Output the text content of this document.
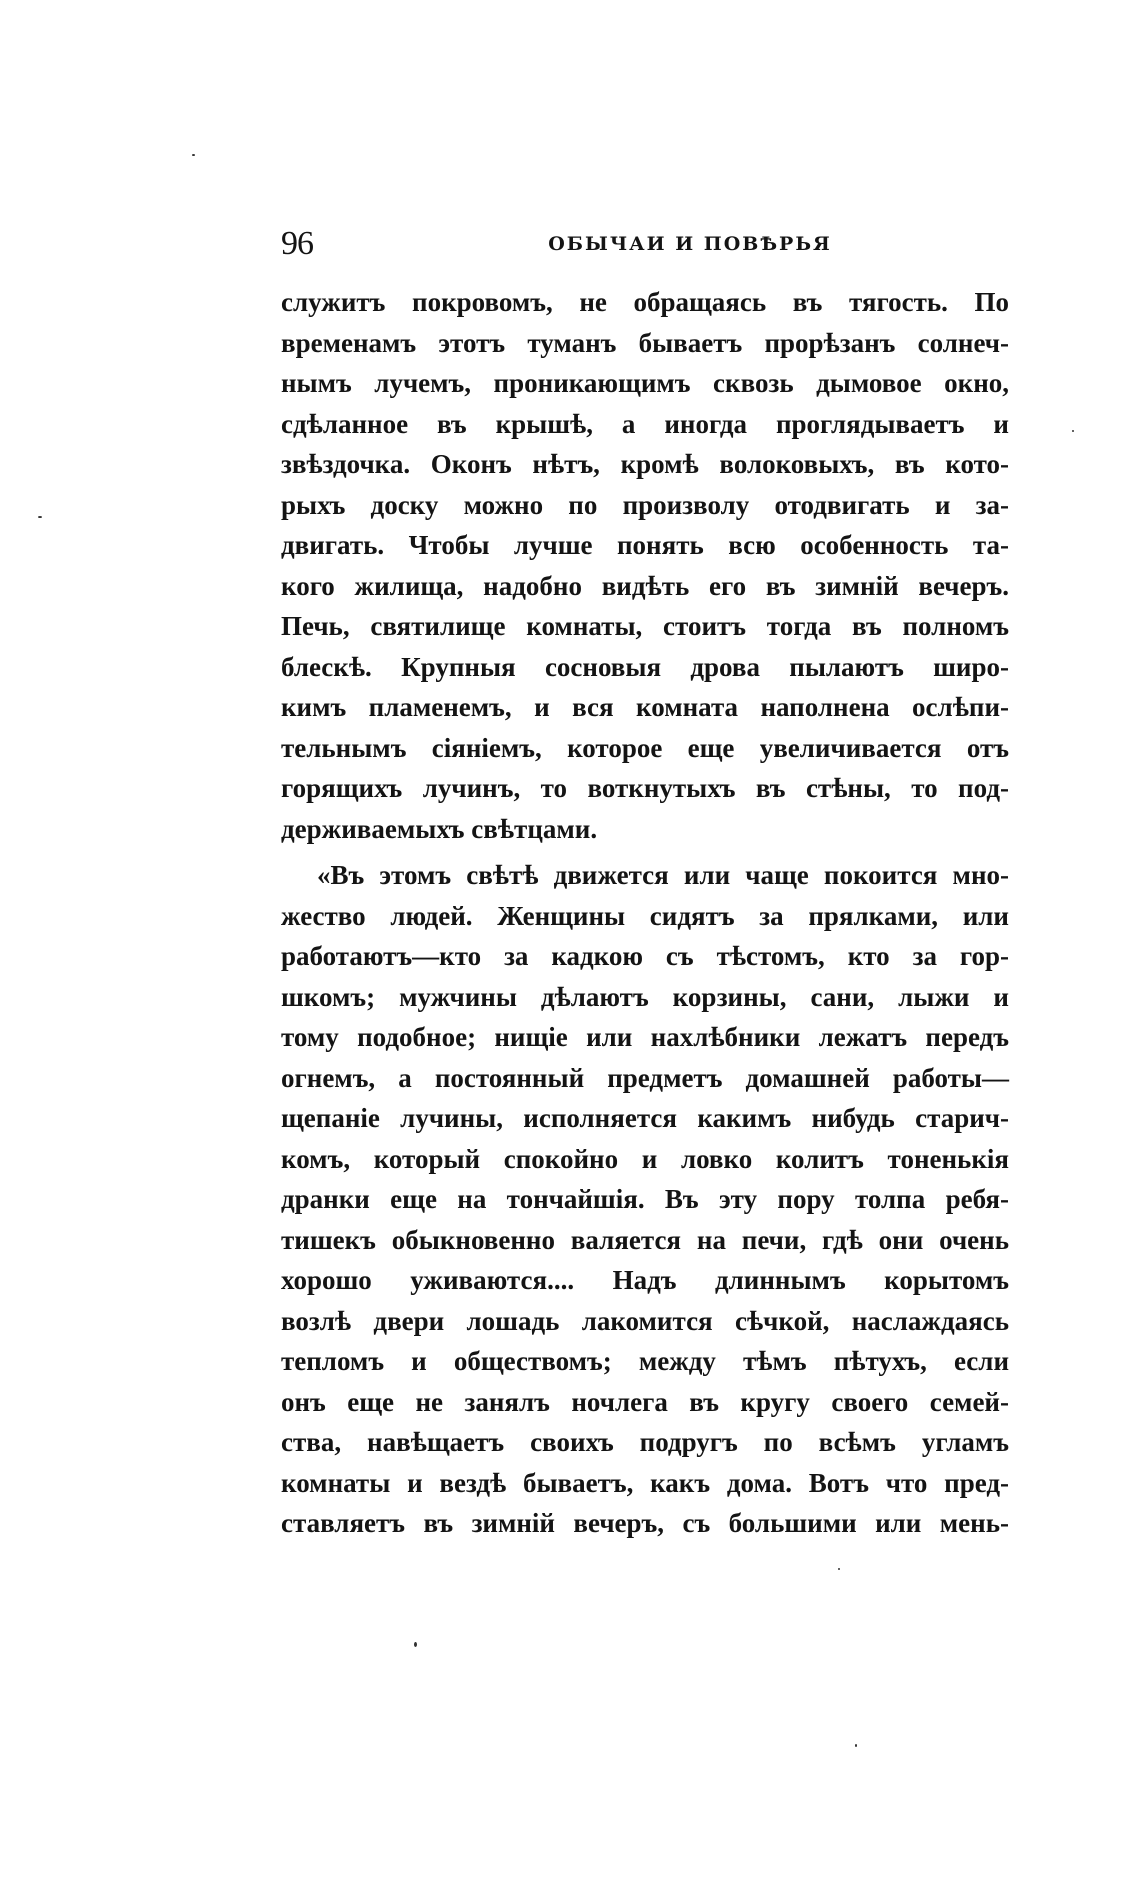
96	ОБЫЧАИ И ПОВѢРЬЯ
служитъ покровомъ, не обращаясь въ тягость. По
временамъ этотъ туманъ бываетъ прорѣзанъ солнеч-
нымъ лучемъ, проникающимъ сквозь дымовое окно,
сдѣланное въ крышѣ, а иногда проглядываетъ и
звѣздочка. Оконъ нѣтъ, кромѣ волоковыхъ, въ кото-
рыхъ доску можно по произволу отодвигать и за-
двигать. Чтобы лучше понять всю особенность та-
кого жилища, надобно видѣть его въ зимній вечеръ.
Печь, святилище комнаты, стоитъ тогда въ полномъ
блескѣ. Крупныя сосновыя дрова пылаютъ широ-
кимъ пламенемъ, и вся комната наполнена ослѣпи-
тельнымъ сіяніемъ, которое еще увеличивается отъ
горящихъ лучинъ, то воткнутыхъ въ стѣны, то под-
держиваемыхъ свѣтцами.
«Въ этомъ свѣтѣ движется или чаще покоится мно-
жество людей. Женщины сидятъ за прялками, или
работаютъ—кто за кадкою съ тѣстомъ, кто за гор-
шкомъ; мужчины дѣлаютъ корзины, сани, лыжи и
тому подобное; нищіе или нахлѣбники лежатъ передъ
огнемъ, а постоянный предметъ домашней работы—
щепаніе лучины, исполняется какимъ нибудь старич-
комъ, который спокойно и ловко колитъ тоненькія
дранки еще на тончайшія. Въ эту пору толпа ребя-
тишекъ обыкновенно валяется на печи, гдѣ они очень
хорошо уживаются.... Надъ длиннымъ корытомъ
возлѣ двери лошадь лакомится сѣчкой, наслаждаясь
тепломъ и обществомъ; между тѣмъ пѣтухъ, если
онъ еще не занялъ ночлега въ кругу своего семей-
ства, навѣщаетъ своихъ подругъ по всѣмъ угламъ
комнаты и вездѣ бываетъ, какъ дома. Вотъ что пред-
ставляетъ въ зимній вечеръ, съ большими или мень-
